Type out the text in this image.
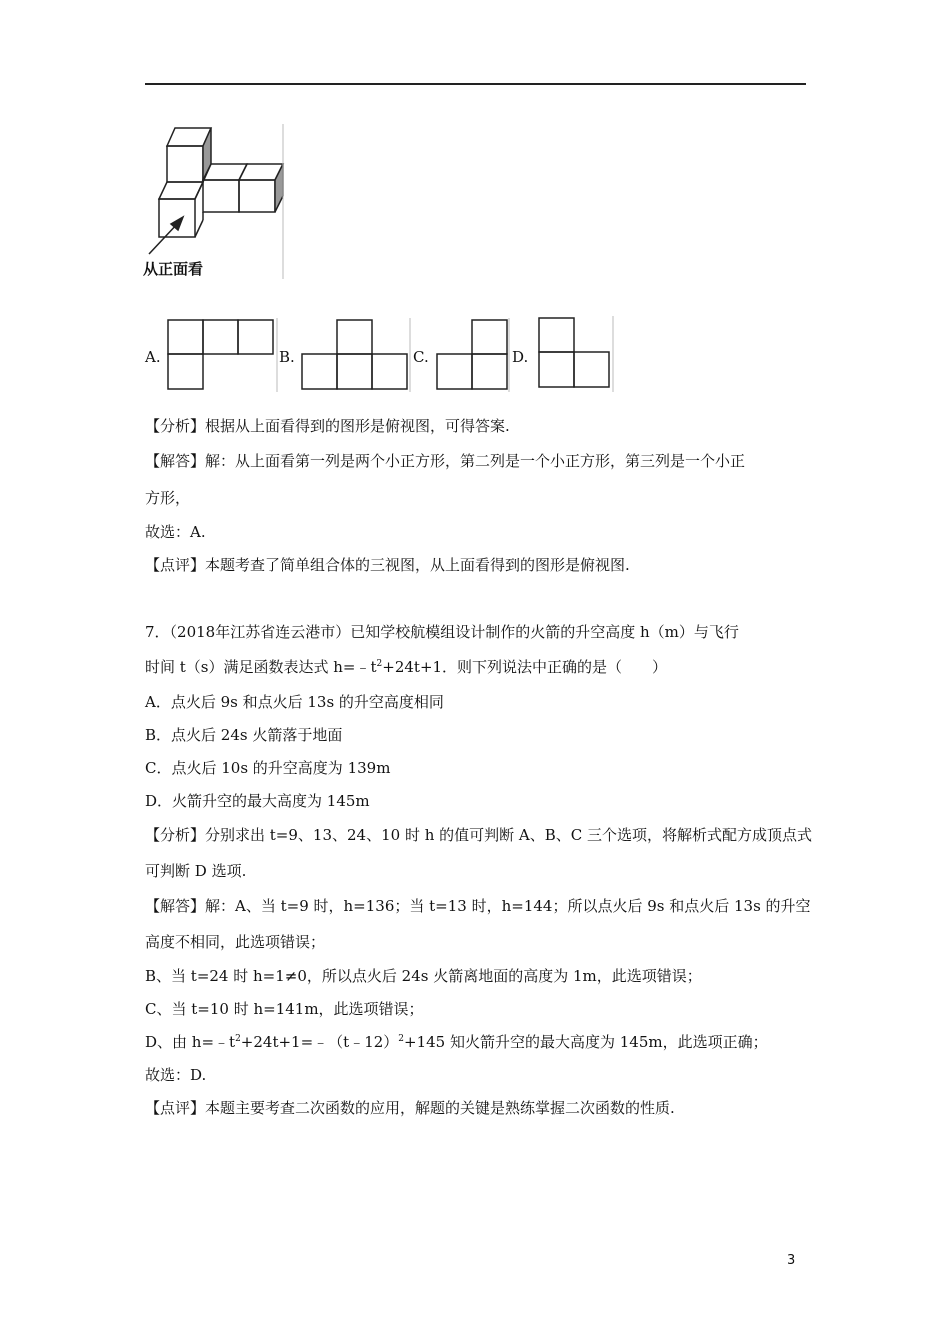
从正面看
A.	B.	C.	D.
【分析】根据从上面看得到的图形是俯视图，可得答案.
【解答】解：从上面看第一列是两个小正方形，第二列是一个小正方形，第三列是一个小正
方形，
故选：A.
【点评】本题考查了简单组合体的三视图，从上面看得到的图形是俯视图.
7．（2018年江苏省连云港市）已知学校航模组设计制作的火箭的升空高度 h（m）与飞行
时间 t（s）满足函数表达式 $h=﹣t^2+24t+1$．则下列说法中正确的是（　　）
A．点火后 9s 和点火后 13s 的升空高度相同
B．点火后 24s 火箭落于地面
C．点火后 10s 的升空高度为 139m
D．火箭升空的最大高度为 145m
【分析】分别求出 t=9、13、24、10 时 h 的值可判断 A、B、C 三个选项，将解析式配方成顶点式
可判断 D 选项.
【解答】解：A、当 t=9 时，h=136；当 t=13 时，h=144；所以点火后 9s 和点火后 13s 的升空
高度不相同，此选项错误；
B、当 t=24 时 h=1≠0，所以点火后 24s 火箭离地面的高度为 1m，此选项错误；
C、当 t=10 时 h=141m，此选项错误；
D、由 $h=﹣t^2+24t+1=﹣(t﹣12)^2+145$ 知火箭升空的最大高度为 145m，此选项正确；
故选：D.
【点评】本题主要考查二次函数的应用，解题的关键是熟练掌握二次函数的性质.
3
